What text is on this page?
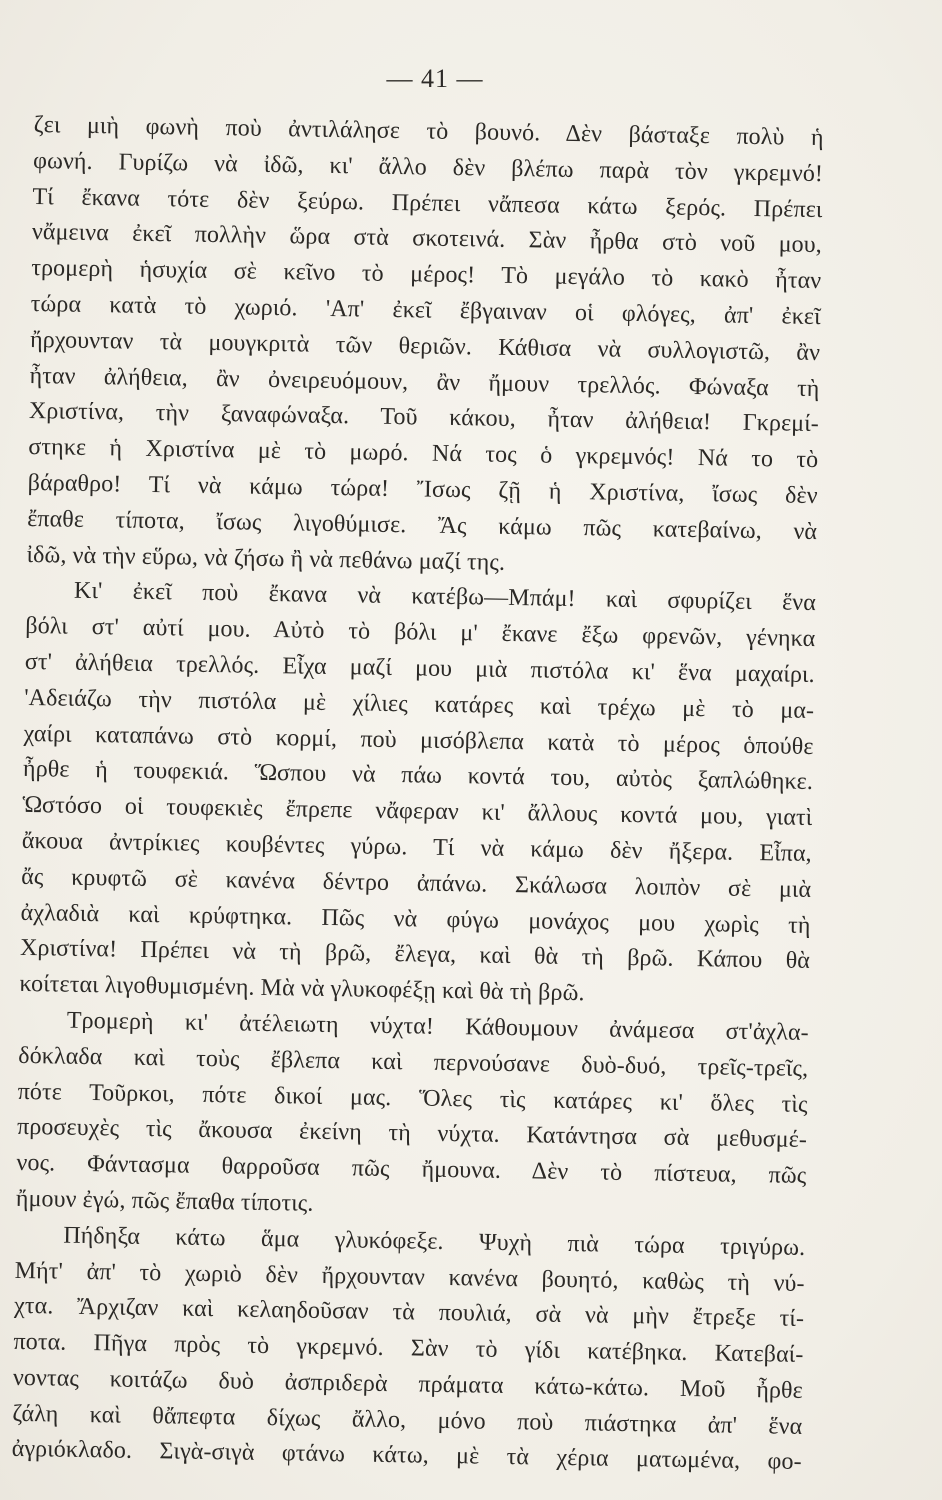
— 41 —
ζει μιὴ φωνὴ ποὺ ἀντιλάλησε τὸ βουνό. Δὲν βάσταξε πολὺ ἡ
φωνή. Γυρίζω νὰ ἰδῶ, κι' ἄλλο δὲν βλέπω παρὰ τὸν γκρεμνό!
Τί ἔκανα τότε δὲν ξεύρω. Πρέπει νἄπεσα κάτω ξερός. Πρέπει
νἄμεινα ἐκεῖ πολλὴν ὥρα στὰ σκοτεινά. Σὰν ἦρθα στὸ νοῦ μου,
τρομερὴ ἡσυχία σὲ κεῖνο τὸ μέρος! Τὸ μεγάλο τὸ κακὸ ἦταν
τώρα κατὰ τὸ χωριό. 'Απ' ἐκεῖ ἔβγαιναν οἱ φλόγες, ἀπ' ἐκεῖ
ἤρχουνταν τὰ μουγκριτὰ τῶν θεριῶν. Κάθισα νὰ συλλογιστῶ, ἂν
ἦταν ἀλήθεια, ἂν ὀνειρευόμουν, ἂν ἤμουν τρελλός. Φώναξα τὴ
Χριστίνα, τὴν ξαναφώναξα. Τοῦ κάκου, ἦταν ἀλήθεια! Γκρεμί-
στηκε ἡ Χριστίνα μὲ τὸ μωρό. Νά τος ὁ γκρεμνός! Νά το τὸ
βάραθρο! Τί νὰ κάμω τώρα! Ἴσως ζῇ ἡ Χριστίνα, ἴσως δὲν
ἔπαθε τίποτα, ἴσως λιγοθύμισε. Ἄς κάμω πῶς κατεβαίνω, νὰ
ἰδῶ, νὰ τὴν εὕρω, νὰ ζήσω ἢ νὰ πεθάνω μαζί της.
Κι' ἐκεῖ ποὺ ἔκανα νὰ κατέβω—Μπάμ! καὶ σφυρίζει ἕνα
βόλι στ' αὐτί μου. Αὐτὸ τὸ βόλι μ' ἔκανε ἔξω φρενῶν, γένηκα
στ' ἀλήθεια τρελλός. Εἶχα μαζί μου μιὰ πιστόλα κι' ἕνα μαχαίρι.
'Αδειάζω τὴν πιστόλα μὲ χίλιες κατάρες καὶ τρέχω μὲ τὸ μα-
χαίρι καταπάνω στὸ κορμί, ποὺ μισόβλεπα κατὰ τὸ μέρος ὁπούθε
ἦρθε ἡ τουφεκιά. Ὥσπου νὰ πάω κοντά του, αὐτὸς ξαπλώθηκε.
Ὡστόσο οἱ τουφεκιὲς ἔπρεπε νἄφεραν κι' ἄλλους κοντά μου, γιατὶ
ἄκουα ἀντρίκιες κουβέντες γύρω. Τί νὰ κάμω δὲν ἤξερα. Εἶπα,
ἄς κρυφτῶ σὲ κανένα δέντρο ἀπάνω. Σκάλωσα λοιπὸν σὲ μιὰ
ἀχλαδιὰ καὶ κρύφτηκα. Πῶς νὰ φύγω μονάχος μου χωρὶς τὴ
Χριστίνα! Πρέπει νὰ τὴ βρῶ, ἔλεγα, καὶ θὰ τὴ βρῶ. Κάπου θὰ
κοίτεται λιγοθυμισμένη. Μὰ νὰ γλυκοφέξῃ καὶ θὰ τὴ βρῶ.
Τρομερὴ κι' ἀτέλειωτη νύχτα! Κάθουμουν ἀνάμεσα στ'ἀχλα-
δόκλαδα καὶ τοὺς ἔβλεπα καὶ περνούσανε δυὸ-δυό, τρεῖς-τρεῖς,
πότε Τοῦρκοι, πότε δικοί μας. Ὅλες τὶς κατάρες κι' ὅλες τὶς
προσευχὲς τὶς ἄκουσα ἐκείνη τὴ νύχτα. Κατάντησα σὰ μεθυσμέ-
νος. Φάντασμα θαρροῦσα πῶς ἤμουνα. Δὲν τὸ πίστευα, πῶς
ἤμουν ἐγώ, πῶς ἔπαθα τίποτις.
Πήδηξα κάτω ἅμα γλυκόφεξε. Ψυχὴ πιὰ τώρα τριγύρω.
Μήτ' ἀπ' τὸ χωριὸ δὲν ἤρχουνταν κανένα βουητό, καθὼς τὴ νύ-
χτα. Ἄρχιζαν καὶ κελαηδοῦσαν τὰ πουλιά, σὰ νὰ μὴν ἔτρεξε τί-
ποτα. Πῆγα πρὸς τὸ γκρεμνό. Σὰν τὸ γίδι κατέβηκα. Κατεβαί-
νοντας κοιτάζω δυὸ ἀσπριδερὰ πράματα κάτω-κάτω. Μοῦ ἦρθε
ζάλη καὶ θἄπεφτα δίχως ἄλλο, μόνο ποὺ πιάστηκα ἀπ' ἕνα
ἀγριόκλαδο. Σιγὰ-σιγὰ φτάνω κάτω, μὲ τὰ χέρια ματωμένα, φο-
